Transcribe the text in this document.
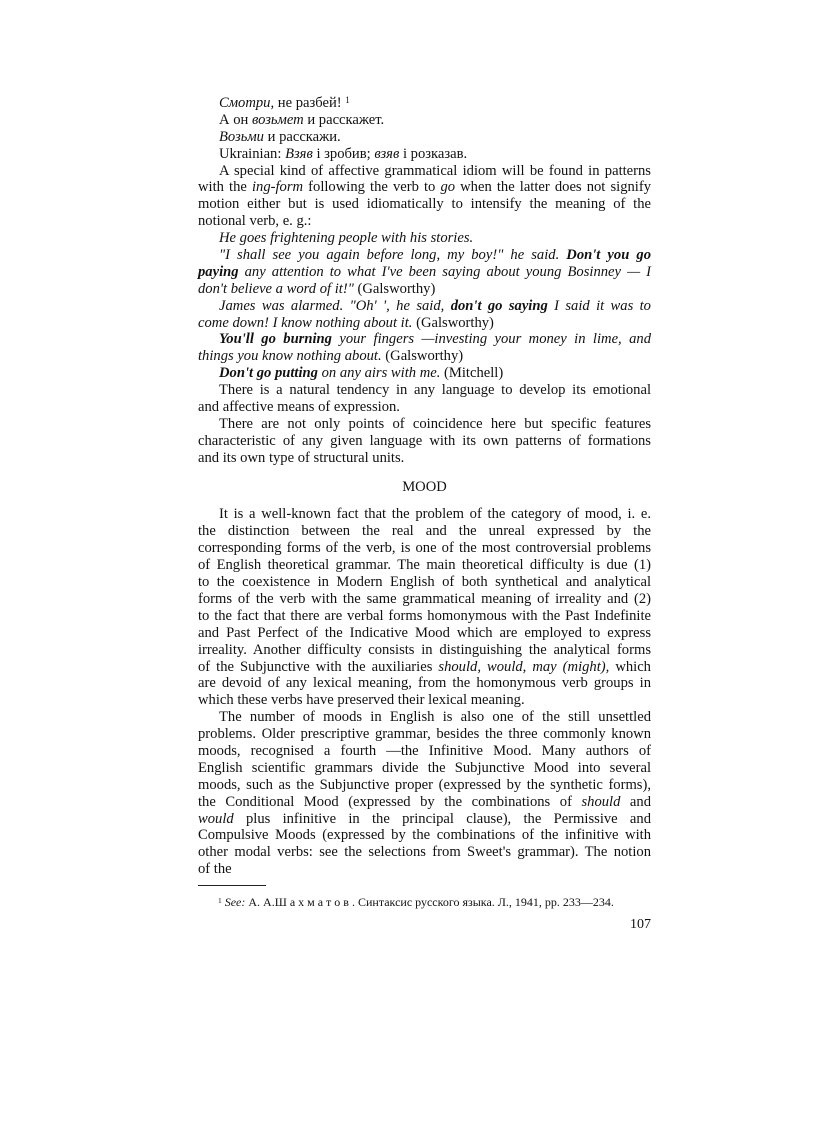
Смотри, не разбей! $^1$
А он возьмет и расскажет.
Возьми и расскажи.
Ukrainian: Взяв і зробив; взяв і розказав.
A special kind of affective grammatical idiom will be found in patterns
with the ing-form following the verb to go when the latter does not signify
motion either but is used idiomatically to intensify the meaning of the
notional verb, e. g.:
He goes frightening people with his stories.
"I shall see you again before long, my boy!" he said. Don't you go
paying any attention to what I've been saying about young Bosinney — I
don't believe a word of it!" (Galsworthy)
James was alarmed. "Oh' ', he said, don't go saying I said it was to
come down! I know nothing about it. (Galsworthy)
You'll go burning your fingers —investing your money in lime, and
things you know nothing about. (Galsworthy)
Don't go putting on any airs with me. (Mitchell)
There is a natural tendency in any language to develop its emotional
and affective means of expression.
There are not only points of coincidence here but specific features
characteristic of any given language with its own patterns of formations
and its own type of structural units.
MOOD
It is a well-known fact that the problem of the category of mood, i. e.
the distinction between the real and the unreal expressed by the
corresponding forms of the verb, is one of the most controversial problems
of English theoretical grammar. The main theoretical difficulty is due (1)
to the coexistence in Modern English of both synthetical and analytical
forms of the verb with the same grammatical meaning of irreality and (2)
to the fact that there are verbal forms homonymous with the Past Indefinite
and Past Perfect of the Indicative Mood which are employed to express
irreality. Another difficulty consists in distinguishing the analytical forms
of the Subjunctive with the auxiliaries should, would, may (might), which
are devoid of any lexical meaning, from the homonymous verb groups in
which these verbs have preserved their lexical meaning.
The number of moods in English is also one of the still unsettled
problems. Older prescriptive grammar, besides the three commonly known
moods, recognised a fourth —the Infinitive Mood. Many authors of
English scientific grammars divide the Subjunctive Mood into several
moods, such as the Subjunctive proper (expressed by the synthetic forms),
the Conditional Mood (expressed by the combinations of should and
would plus infinitive in the principal clause), the Permissive and
Compulsive Moods (expressed by the combinations of the infinitive with
other modal verbs: see the selections from Sweet's grammar). The notion
of the
$^1$ See: А. А.Ш а х м а т о в . Синтаксис русского языка. Л., 1941, pp. 233—234.
107
